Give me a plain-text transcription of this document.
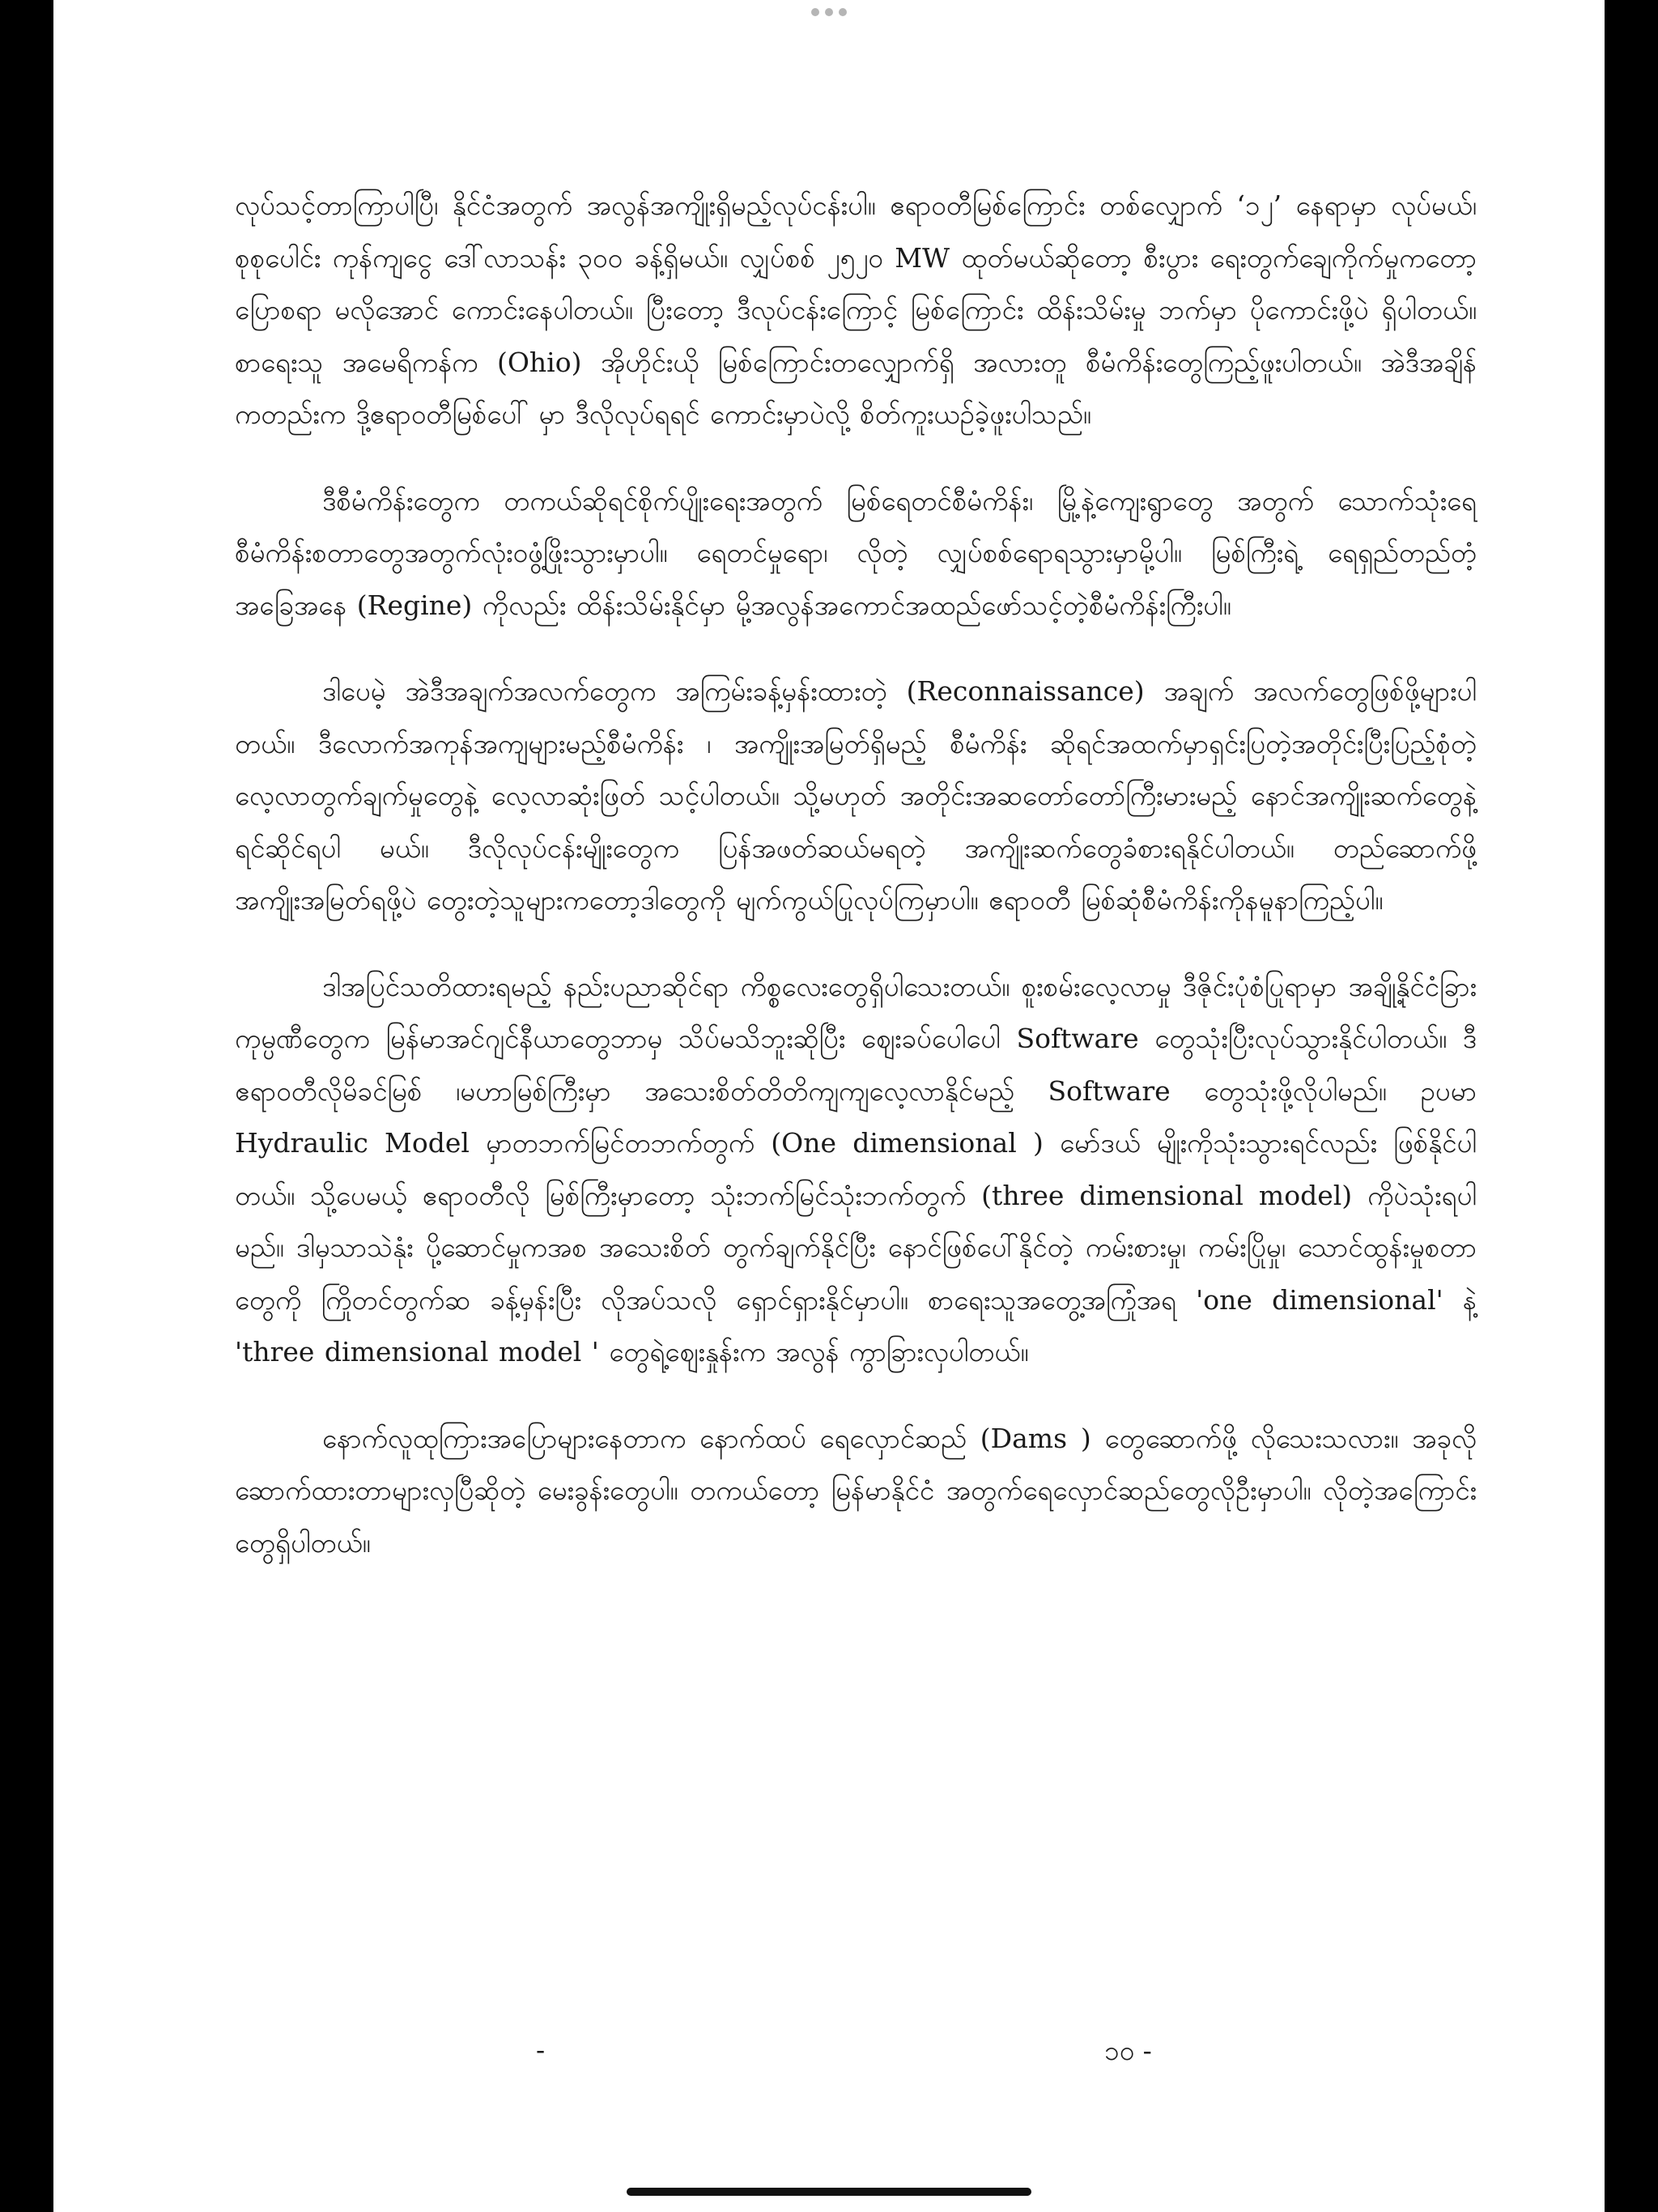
လုပ်သင့်တာကြာပါပြီ၊ နိုင်ငံအတွက် အလွန်အကျိုးရှိမည့်လုပ်ငန်းပါ။ ဧရာဝတီမြစ်ကြောင်း တစ်လျှောက် ‘၁၂’ နေရာမှာ လုပ်မယ်၊ စုစုပေါင်း ကုန်ကျငွေ ဒေါ်လာသန်း ၃၀၀ ခန့်ရှိမယ်။ လျှပ်စစ် ၂၅၂၀ MW ထုတ်မယ်ဆိုတော့ စီးပွား ရေးတွက်ချေကိုက်မှုကတော့ ပြောစရာ မလိုအောင် ကောင်းနေပါတယ်။ ပြီးတော့ ဒီလုပ်ငန်းကြောင့် မြစ်ကြောင်း ထိန်းသိမ်းမှု ဘက်မှာ ပိုကောင်းဖို့ပဲ ရှိပါတယ်။ စာရေးသူ အမေရိကန်က (Ohio) အိုဟိုင်းယို မြစ်ကြောင်းတလျှောက်ရှိ အလားတူ စီမံကိန်းတွေကြည့်ဖူးပါတယ်။ အဲဒီအချိန်ကတည်းက ဒို့ဧရာဝတီမြစ်ပေါ် မှာ ဒီလိုလုပ်ရရင် ကောင်းမှာပဲလို့ စိတ်ကူးယဉ်ခဲ့ဖူးပါသည်။

ဒီစီမံကိန်းတွေက တကယ်ဆိုရင်စိုက်ပျိုးရေးအတွက် မြစ်ရေတင်စီမံကိန်း၊ မြို့နဲ့ကျေးရွာတွေ အတွက် သောက်သုံးရေစီမံကိန်းစတာတွေအတွက်လုံးဝဖွံ့ဖြိုးသွားမှာပါ။ ရေတင်မှုရော၊ လိုတဲ့ လျှပ်စစ်ရောရသွားမှာမို့ပါ။ မြစ်ကြီးရဲ့ ရေရှည်တည်တံ့ အခြေအနေ (Regine) ကိုလည်း ထိန်းသိမ်းနိုင်မှာ မို့အလွန်အကောင်အထည်ဖော်သင့်တဲ့စီမံကိန်းကြီးပါ။

ဒါပေမဲ့ အဲဒီအချက်အလက်တွေက အကြမ်းခန့်မှန်းထားတဲ့ (Reconnaissance) အချက် အလက်တွေဖြစ်ဖို့များပါတယ်။ ဒီလောက်အကုန်အကျများမည့်စီမံကိန်း ၊ အကျိုးအမြတ်ရှိမည့် စီမံကိန်း ဆိုရင်အထက်မှာရှင်းပြတဲ့အတိုင်းပြီးပြည့်စုံတဲ့ လေ့လာတွက်ချက်မှုတွေနဲ့ လေ့လာဆုံးဖြတ် သင့်ပါတယ်။ သို့မဟုတ် အတိုင်းအဆတော်တော်ကြီးမားမည့် နောင်အကျိုးဆက်တွေနဲ့ ရင်ဆိုင်ရပါ မယ်။ ဒီလိုလုပ်ငန်းမျိုးတွေက ပြန်အဖတ်ဆယ်မရတဲ့ အကျိုးဆက်တွေခံစားရနိုင်ပါတယ်။ တည်ဆောက်ဖို့ အကျိုးအမြတ်ရဖို့ပဲ တွေးတဲ့သူများကတော့ဒါတွေကို မျက်ကွယ်ပြုလုပ်ကြမှာပါ။ ဧရာဝတီ မြစ်ဆုံစီမံကိန်းကိုနမူနာကြည့်ပါ။

ဒါအပြင်သတိထားရမည့် နည်းပညာဆိုင်ရာ ကိစ္စလေးတွေရှိပါသေးတယ်။ စူးစမ်းလေ့လာမှု ဒီဇိုင်းပုံစံပြုရာမှာ အချို့နိုင်ငံခြားကုမ္ပဏီတွေက မြန်မာအင်ဂျင်နီယာတွေဘာမှ သိပ်မသိဘူးဆိုပြီး ဈေးခပ်ပေါပေါ Software တွေသုံးပြီးလုပ်သွားနိုင်ပါတယ်။ ဒီဧရာဝတီလိုမိခင်မြစ် ၊မဟာမြစ်ကြီးမှာ အသေးစိတ်တိတိကျကျလေ့လာနိုင်မည့် Software တွေသုံးဖို့လိုပါမည်။ ဥပမာ Hydraulic Model မှာတဘက်မြင်တဘက်တွက် (One dimensional ) မော်ဒယ် မျိုးကိုသုံးသွားရင်လည်း ဖြစ်နိုင်ပါတယ်။ သို့ပေမယ့် ဧရာဝတီလို မြစ်ကြီးမှာတော့ သုံးဘက်မြင်သုံးဘက်တွက် (three dimensional model) ကိုပဲသုံးရပါမည်။ ဒါမှသာသဲနုံး ပို့ဆောင်မှုကအစ အသေးစိတ် တွက်ချက်နိုင်ပြီး နောင်ဖြစ်ပေါ်နိုင်တဲ့ ကမ်းစားမှု၊ ကမ်းပြိုမှု၊ သောင်ထွန်းမှုစတာတွေကို ကြိုတင်တွက်ဆ ခန့်မှန်းပြီး လိုအပ်သလို ရှောင်ရှားနိုင်မှာပါ။ စာရေးသူအတွေ့အကြုံအရ 'one dimensional' နဲ့ 'three dimensional model ' တွေရဲ့ဈေးနှုန်းက အလွန် ကွာခြားလှပါတယ်။

နောက်လူထုကြားအပြောများနေတာက နောက်ထပ် ရေလှောင်ဆည် (Dams ) တွေဆောက်ဖို့ လိုသေးသလား။ အခုလို ဆောက်ထားတာများလှပြီဆိုတဲ့ မေးခွန်းတွေပါ။ တကယ်တော့ မြန်မာနိုင်ငံ အတွက်ရေလှောင်ဆည်တွေလိုဦးမှာပါ။ လိုတဲ့အကြောင်းတွေရှိပါတယ်။

-	၁၀ -
